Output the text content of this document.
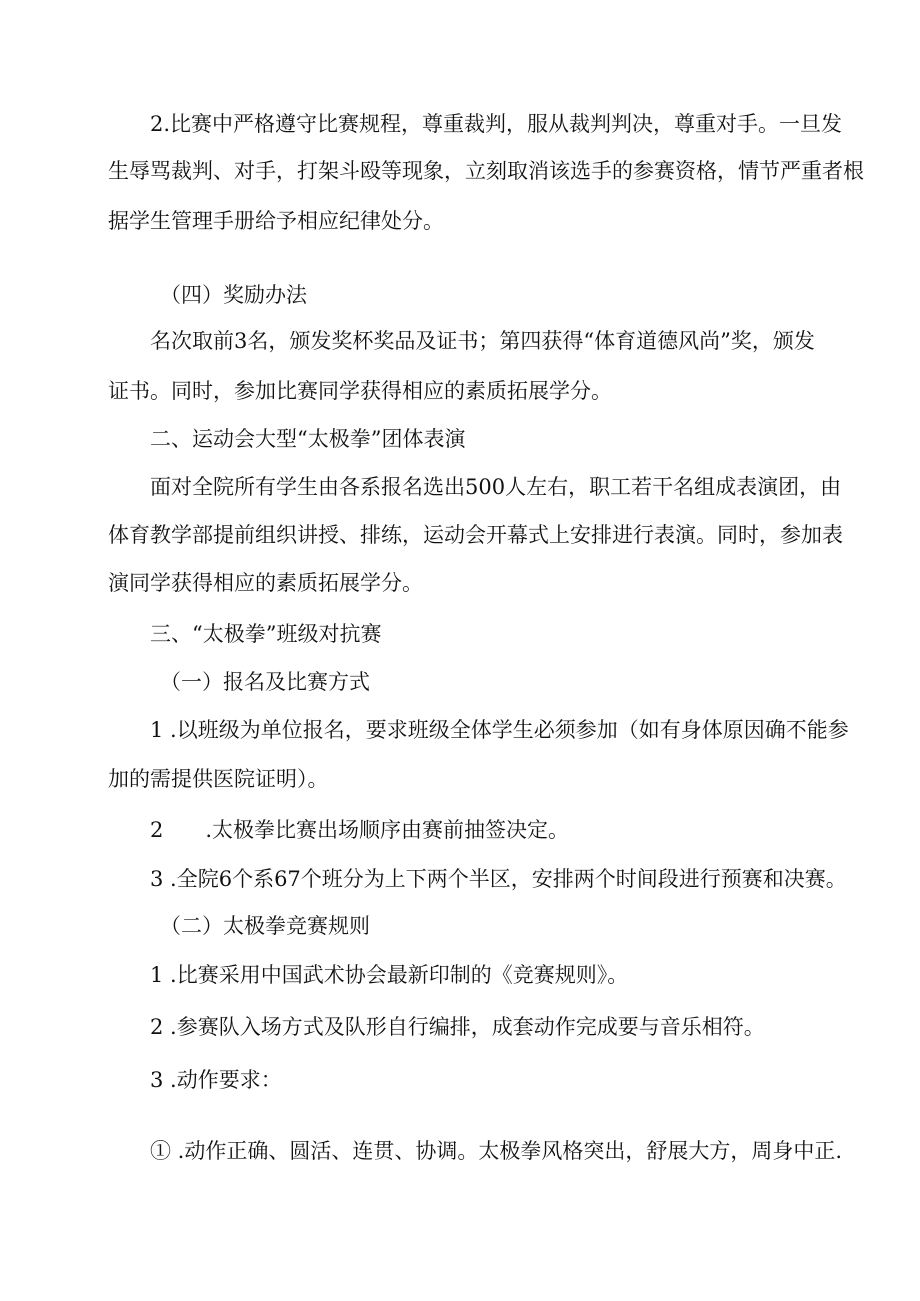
2.比赛中严格遵守比赛规程，尊重裁判，服从裁判判决，尊重对手。一旦发
生辱骂裁判、对手，打架斗殴等现象，立刻取消该选手的参赛资格，情节严重者根
据学生管理手册给予相应纪律处分。
（四）奖励办法
名次取前3名，颁发奖杯奖品及证书；第四获得“体育道德风尚”奖，颁发
证书。同时，参加比赛同学获得相应的素质拓展学分。
二、运动会大型“太极拳”团体表演
面对全院所有学生由各系报名选出500人左右，职工若干名组成表演团，由
体育教学部提前组织讲授、排练，运动会开幕式上安排进行表演。同时，参加表
演同学获得相应的素质拓展学分。
三、“太极拳”班级对抗赛
（一）报名及比赛方式
1 .以班级为单位报名，要求班级全体学生必须参加（如有身体原因确不能参
加的需提供医院证明）。
2　　.太极拳比赛出场顺序由赛前抽签决定。
3 .全院6个系67个班分为上下两个半区，安排两个时间段进行预赛和决赛。
（二）太极拳竞赛规则
1 .比赛采用中国武术协会最新印制的《竞赛规则》。
2 .参赛队入场方式及队形自行编排，成套动作完成要与音乐相符。
3 .动作要求：
① .动作正确、圆活、连贯、协调。太极拳风格突出，舒展大方，周身中正.
